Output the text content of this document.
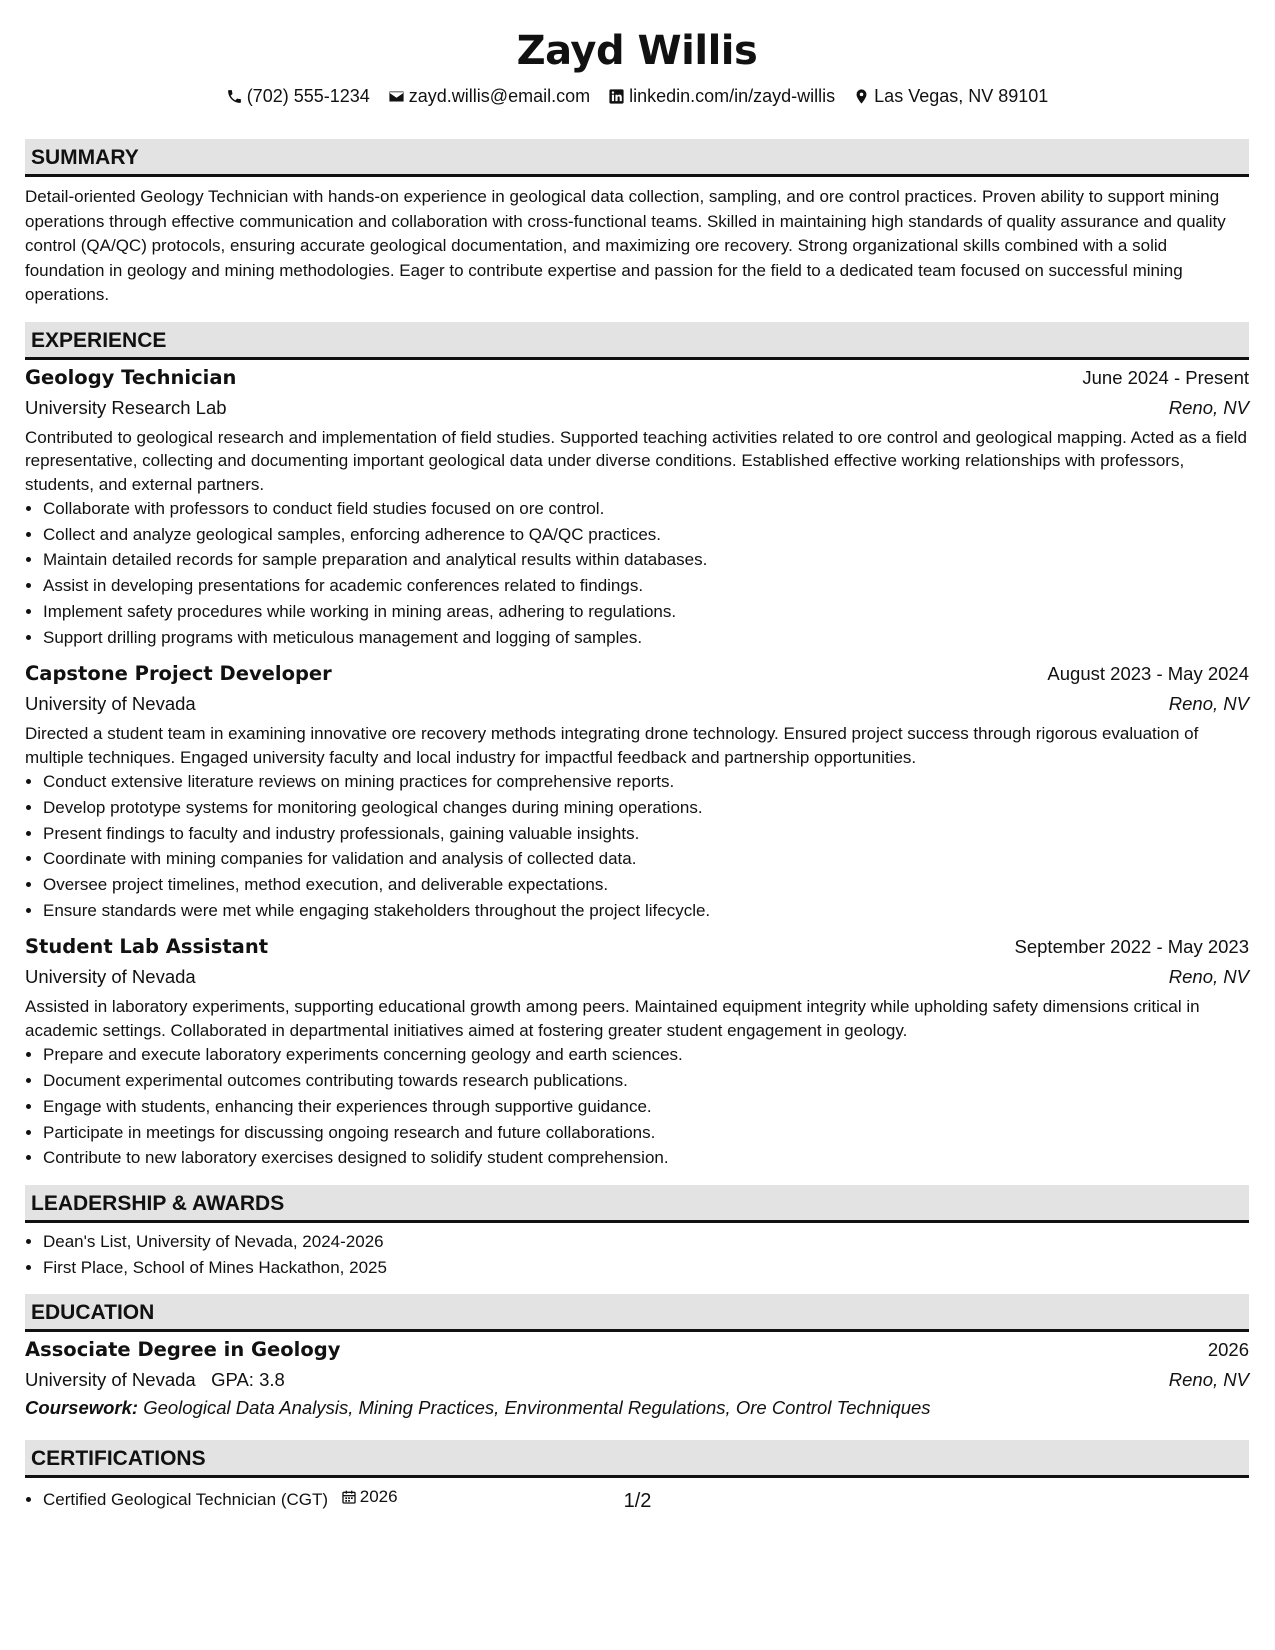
Zayd Willis
(702) 555-1234 zayd.willis@email.com linkedin.com/in/zayd-willis Las Vegas, NV 89101
SUMMARY
Detail-oriented Geology Technician with hands-on experience in geological data collection, sampling, and ore control practices. Proven ability to support mining operations through effective communication and collaboration with cross-functional teams. Skilled in maintaining high standards of quality assurance and quality control (QA/QC) protocols, ensuring accurate geological documentation, and maximizing ore recovery. Strong organizational skills combined with a solid foundation in geology and mining methodologies. Eager to contribute expertise and passion for the field to a dedicated team focused on successful mining operations.
EXPERIENCE
Geology Technician	June 2024 - Present
University Research Lab	Reno, NV
Contributed to geological research and implementation of field studies. Supported teaching activities related to ore control and geological mapping. Acted as a field representative, collecting and documenting important geological data under diverse conditions. Established effective working relationships with professors, students, and external partners.
• Collaborate with professors to conduct field studies focused on ore control.
• Collect and analyze geological samples, enforcing adherence to QA/QC practices.
• Maintain detailed records for sample preparation and analytical results within databases.
• Assist in developing presentations for academic conferences related to findings.
• Implement safety procedures while working in mining areas, adhering to regulations.
• Support drilling programs with meticulous management and logging of samples.
Capstone Project Developer	August 2023 - May 2024
University of Nevada	Reno, NV
Directed a student team in examining innovative ore recovery methods integrating drone technology. Ensured project success through rigorous evaluation of multiple techniques. Engaged university faculty and local industry for impactful feedback and partnership opportunities.
• Conduct extensive literature reviews on mining practices for comprehensive reports.
• Develop prototype systems for monitoring geological changes during mining operations.
• Present findings to faculty and industry professionals, gaining valuable insights.
• Coordinate with mining companies for validation and analysis of collected data.
• Oversee project timelines, method execution, and deliverable expectations.
• Ensure standards were met while engaging stakeholders throughout the project lifecycle.
Student Lab Assistant	September 2022 - May 2023
University of Nevada	Reno, NV
Assisted in laboratory experiments, supporting educational growth among peers. Maintained equipment integrity while upholding safety dimensions critical in academic settings. Collaborated in departmental initiatives aimed at fostering greater student engagement in geology.
• Prepare and execute laboratory experiments concerning geology and earth sciences.
• Document experimental outcomes contributing towards research publications.
• Engage with students, enhancing their experiences through supportive guidance.
• Participate in meetings for discussing ongoing research and future collaborations.
• Contribute to new laboratory exercises designed to solidify student comprehension.
LEADERSHIP & AWARDS
• Dean's List, University of Nevada, 2024-2026
• First Place, School of Mines Hackathon, 2025
EDUCATION
Associate Degree in Geology	2026
University of Nevada GPA: 3.8	Reno, NV
Coursework: Geological Data Analysis, Mining Practices, Environmental Regulations, Ore Control Techniques
CERTIFICATIONS
• Certified Geological Technician (CGT) 2026	1/2
